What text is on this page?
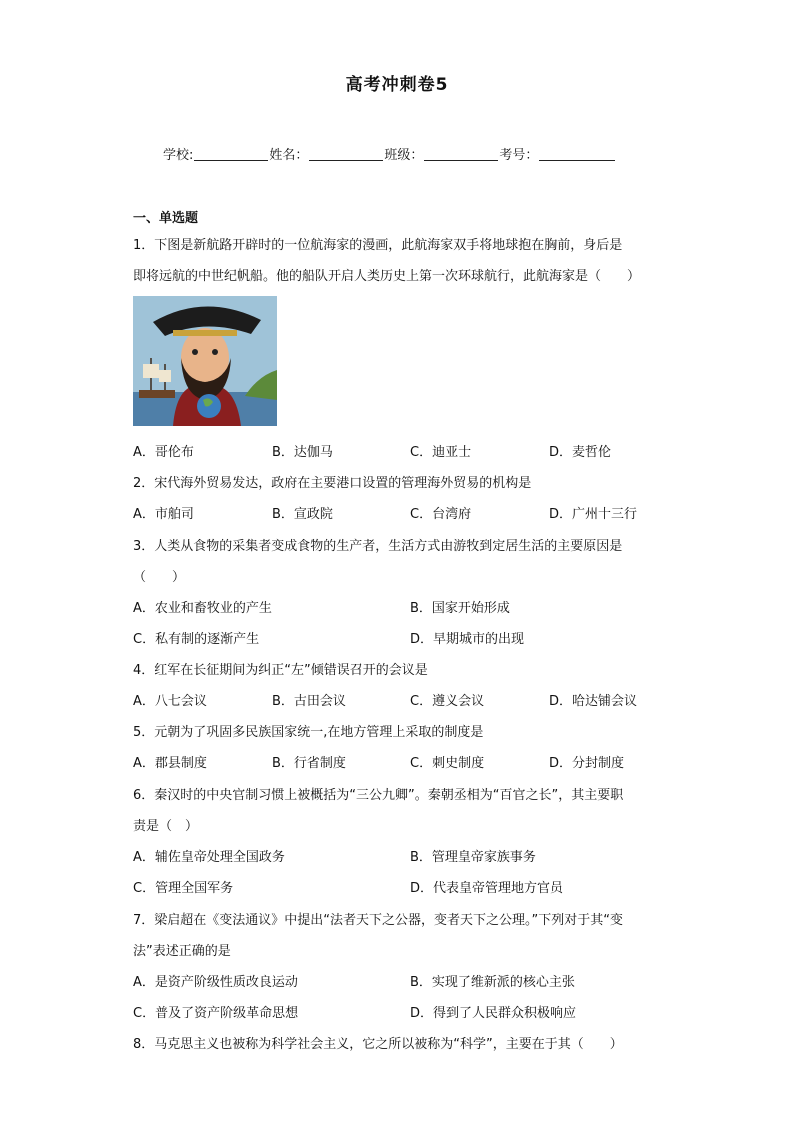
高考冲刺卷5
学校:	姓名：	班级：	考号：
一、单选题
1．下图是新航路开辟时的一位航海家的漫画，此航海家双手将地球抱在胸前，身后是
即将远航的中世纪帆船。他的船队开启人类历史上第一次环球航行，此航海家是（　　）
A．哥伦布	B．达伽马	C．迪亚士	D．麦哲伦
2．宋代海外贸易发达，政府在主要港口设置的管理海外贸易的机构是
A．市舶司	B．宣政院	C．台湾府	D．广州十三行
3．人类从食物的采集者变成食物的生产者，生活方式由游牧到定居生活的主要原因是
（　　）
A．农业和畜牧业的产生	B．国家开始形成
C．私有制的逐渐产生	D．早期城市的出现
4．红军在长征期间为纠正“左”倾错误召开的会议是
A．八七会议	B．古田会议	C．遵义会议	D．哈达铺会议
5．元朝为了巩固多民族国家统一,在地方管理上采取的制度是
A．郡县制度	B．行省制度	C．刺史制度	D．分封制度
6．秦汉时的中央官制习惯上被概括为“三公九卿”。秦朝丞相为“百官之长”，其主要职
责是（　）
A．辅佐皇帝处理全国政务	B．管理皇帝家族事务
C．管理全国军务	D．代表皇帝管理地方官员
7．梁启超在《变法通议》中提出“法者天下之公器，变者天下之公理。”下列对于其“变
法”表述正确的是
A．是资产阶级性质改良运动	B．实现了维新派的核心主张
C．普及了资产阶级革命思想	D．得到了人民群众积极响应
8．马克思主义也被称为科学社会主义，它之所以被称为“科学”，主要在于其（　　）
